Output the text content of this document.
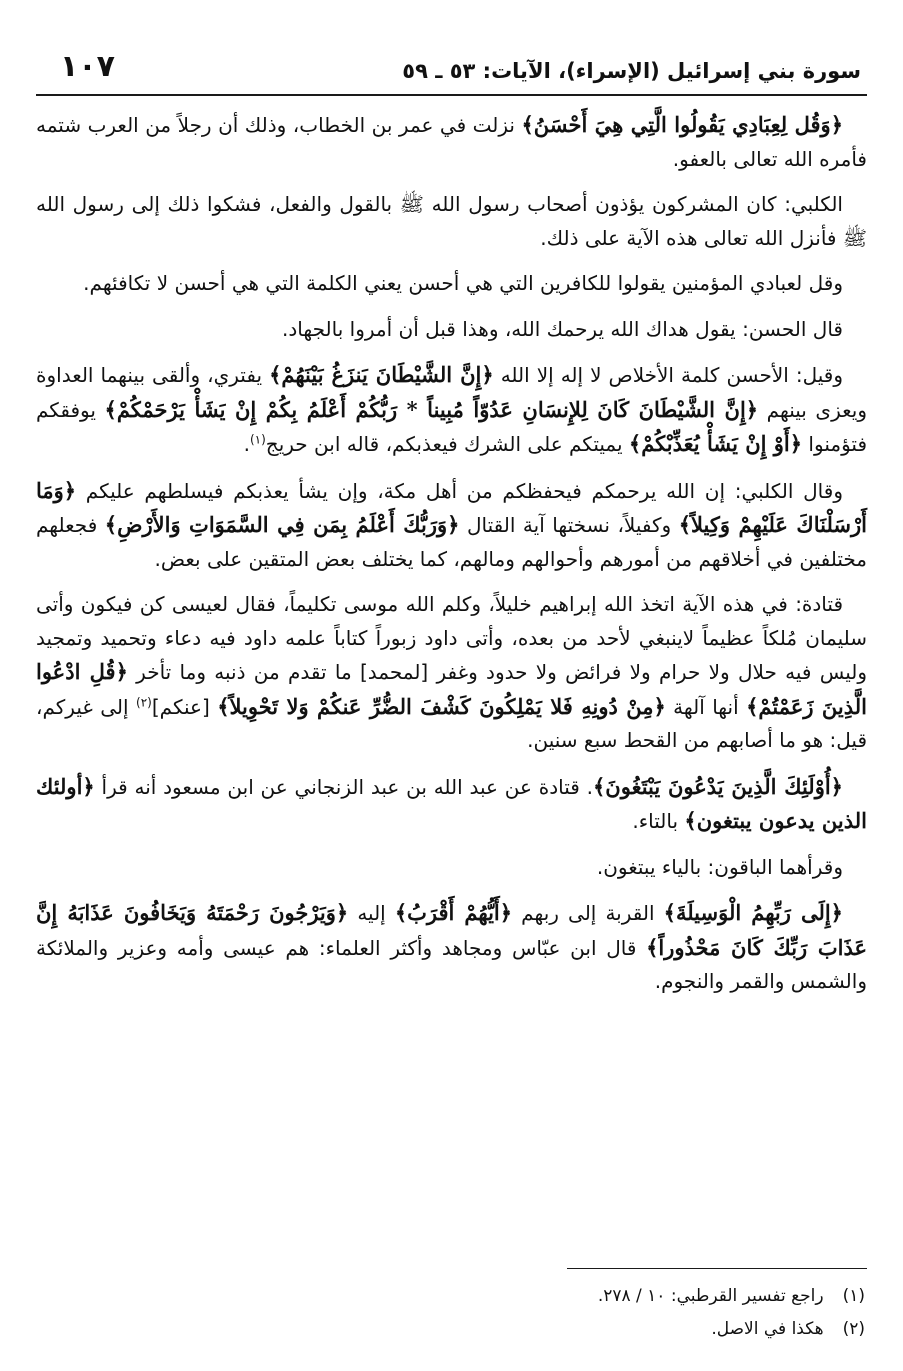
سورة بني إسرائيل (الإسراء)، الآيات: ٥٣ ـ ٥٩
١٠٧

﴿وَقُل لِعِبَادِي يَقُولُوا الَّتِي هِيَ أَحْسَنُ﴾ نزلت في عمر بن الخطاب، وذلك أن رجلاً من العرب شتمه فأمره الله تعالى بالعفو.

الكلبي: كان المشركون يؤذون أصحاب رسول الله ﷺ بالقول والفعل، فشكوا ذلك إلى رسول الله ﷺ فأنزل الله تعالى هذه الآية على ذلك.

وقل لعبادي المؤمنين يقولوا للكافرين التي هي أحسن يعني الكلمة التي هي أحسن لا تكافئهم.

قال الحسن: يقول هداك الله يرحمك الله، وهذا قبل أن أمروا بالجهاد.

وقيل: الأحسن كلمة الأخلاص لا إله إلا الله ﴿إِنَّ الشَّيْطَانَ يَنزَغُ بَيْنَهُمْ﴾ يفتري، وألقى بينهما العداوة ويعزى بينهم ﴿إِنَّ الشَّيْطَانَ كَانَ لِلإِنسَانِ عَدُوّاً مُبِيناً * رَبُّكُمْ أَعْلَمُ بِكُمْ إِنْ يَشَأْ يَرْحَمْكُمْ﴾ يوفقكم فتؤمنوا ﴿أَوْ إِنْ يَشَأْ يُعَذِّبْكُمْ﴾ يميتكم على الشرك فيعذبكم، قاله ابن حريج$^{(١)}$.

وقال الكلبي: إن الله يرحمكم فيحفظكم من أهل مكة، وإن يشأ يعذبكم فيسلطهم عليكم ﴿وَمَا أَرْسَلْنَاكَ عَلَيْهِمْ وَكِيلاً﴾ وكفيلاً، نسختها آية القتال ﴿وَرَبُّكَ أَعْلَمُ بِمَن فِي السَّمَوَاتِ وَالأَرْضِ﴾ فجعلهم مختلفين في أخلاقهم من أمورهم وأحوالهم ومالهم، كما يختلف بعض المتقين على بعض.

قتادة: في هذه الآية اتخذ الله إبراهيم خليلاً، وكلم الله موسى تكليماً، فقال لعيسى كن فيكون وأتى سليمان مُلكاً عظيماً لاينبغي لأحد من بعده، وأتى داود زبوراً كتاباً علمه داود فيه دعاء وتحميد وتمجيد وليس فيه حلال ولا حرام ولا فرائض ولا حدود وغفر [لمحمد] ما تقدم من ذنبه وما تأخر ﴿قُلِ ادْعُوا الَّذِينَ زَعَمْتُمْ﴾ أنها آلهة ﴿مِنْ دُونِهِ فَلا يَمْلِكُونَ كَشْفَ الضُّرِّ عَنكُمْ وَلا تَحْوِيلاً﴾ [عنكم]$^{(٢)}$ إلى غيركم، قيل: هو ما أصابهم من القحط سبع سنين.

﴿أُوْلَئِكَ الَّذِينَ يَدْعُونَ يَبْتَغُونَ﴾. قتادة عن عبد الله بن عبد الزنجاني عن ابن مسعود أنه قرأ ﴿أولئك الذين يدعون يبتغون﴾ بالتاء.

وقرأهما الباقون: بالياء يبتغون.

﴿إِلَى رَبِّهِمُ الْوَسِيلَةَ﴾ القربة إلى ربهم ﴿أَيُّهُمْ أَقْرَبُ﴾ إليه ﴿وَيَرْجُونَ رَحْمَتَهُ وَيَخَافُونَ عَذَابَهُ إِنَّ عَذَابَ رَبِّكَ كَانَ مَحْذُوراً﴾ قال ابن عبّاس ومجاهد وأكثر العلماء: هم عيسى وأمه وعزير والملائكة والشمس والقمر والنجوم.

(١) راجع تفسير القرطبي: ١٠ / ٢٧٨.
(٢) هكذا في الاصل.
